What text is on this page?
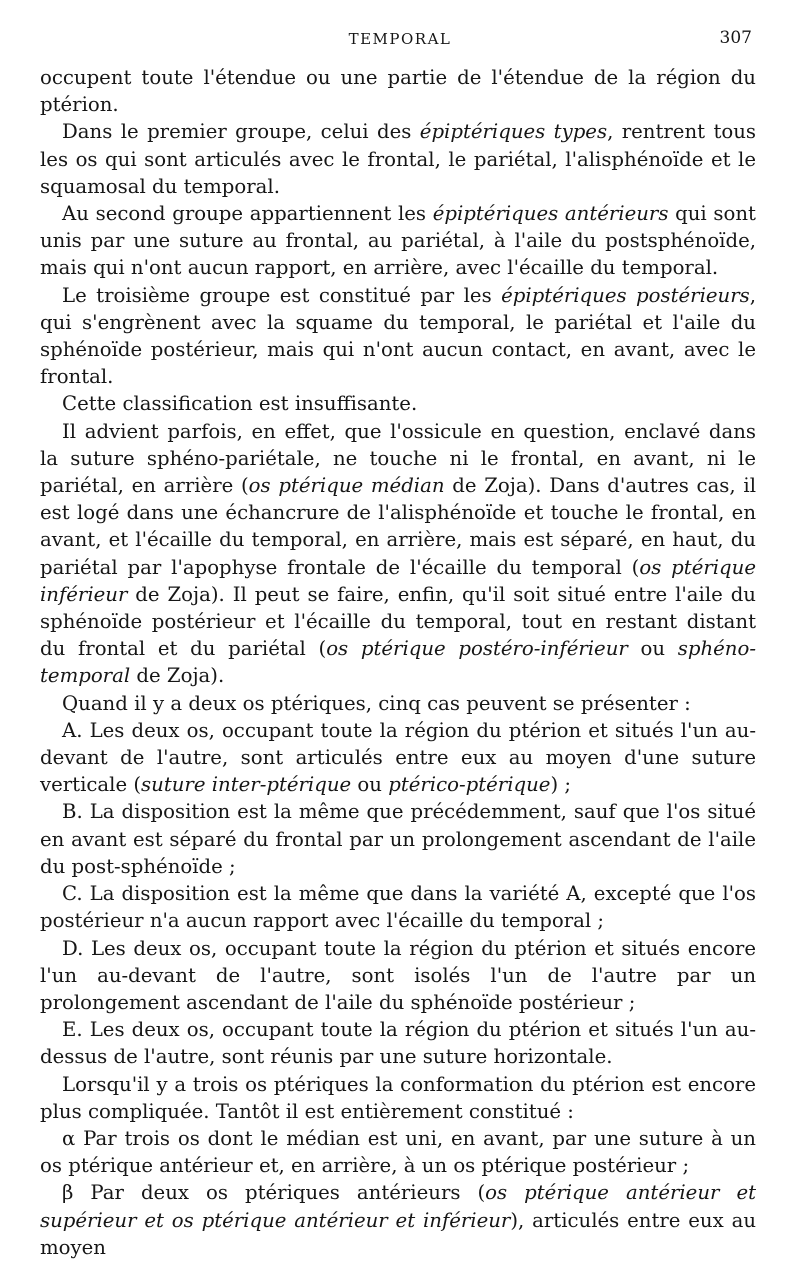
TEMPORAL	307

occupent toute l'étendue ou une partie de l'étendue de la région du ptérion.

Dans le premier groupe, celui des épiptériques types, rentrent tous les os qui sont articulés avec le frontal, le pariétal, l'alisphénoïde et le squamosal du temporal.

Au second groupe appartiennent les épiptériques antérieurs qui sont unis par une suture au frontal, au pariétal, à l'aile du postsphénoïde, mais qui n'ont aucun rapport, en arrière, avec l'écaille du temporal.

Le troisième groupe est constitué par les épiptériques postérieurs, qui s'engrènent avec la squame du temporal, le pariétal et l'aile du sphénoïde postérieur, mais qui n'ont aucun contact, en avant, avec le frontal.

Cette classification est insuffisante.

Il advient parfois, en effet, que l'ossicule en question, enclavé dans la suture sphéno-pariétale, ne touche ni le frontal, en avant, ni le pariétal, en arrière (os ptérique médian de Zoja). Dans d'autres cas, il est logé dans une échancrure de l'alisphénoïde et touche le frontal, en avant, et l'écaille du temporal, en arrière, mais est séparé, en haut, du pariétal par l'apophyse frontale de l'écaille du temporal (os ptérique inférieur de Zoja). Il peut se faire, enfin, qu'il soit situé entre l'aile du sphénoïde postérieur et l'écaille du temporal, tout en restant distant du frontal et du pariétal (os ptérique postéro-inférieur ou sphéno-temporal de Zoja).

Quand il y a deux os ptériques, cinq cas peuvent se présenter :

A. Les deux os, occupant toute la région du ptérion et situés l'un au-devant de l'autre, sont articulés entre eux au moyen d'une suture verticale (suture inter-ptérique ou ptérico-ptérique) ;

B. La disposition est la même que précédemment, sauf que l'os situé en avant est séparé du frontal par un prolongement ascendant de l'aile du post-sphénoïde ;

C. La disposition est la même que dans la variété A, excepté que l'os postérieur n'a aucun rapport avec l'écaille du temporal ;

D. Les deux os, occupant toute la région du ptérion et situés encore l'un au-devant de l'autre, sont isolés l'un de l'autre par un prolongement ascendant de l'aile du sphénoïde postérieur ;

E. Les deux os, occupant toute la région du ptérion et situés l'un au-dessus de l'autre, sont réunis par une suture horizontale.

Lorsqu'il y a trois os ptériques la conformation du ptérion est encore plus compliquée. Tantôt il est entièrement constitué :

α Par trois os dont le médian est uni, en avant, par une suture à un os ptérique antérieur et, en arrière, à un os ptérique postérieur ;

β Par deux os ptériques antérieurs (os ptérique antérieur et supérieur et os ptérique antérieur et inférieur), articulés entre eux au moyen
